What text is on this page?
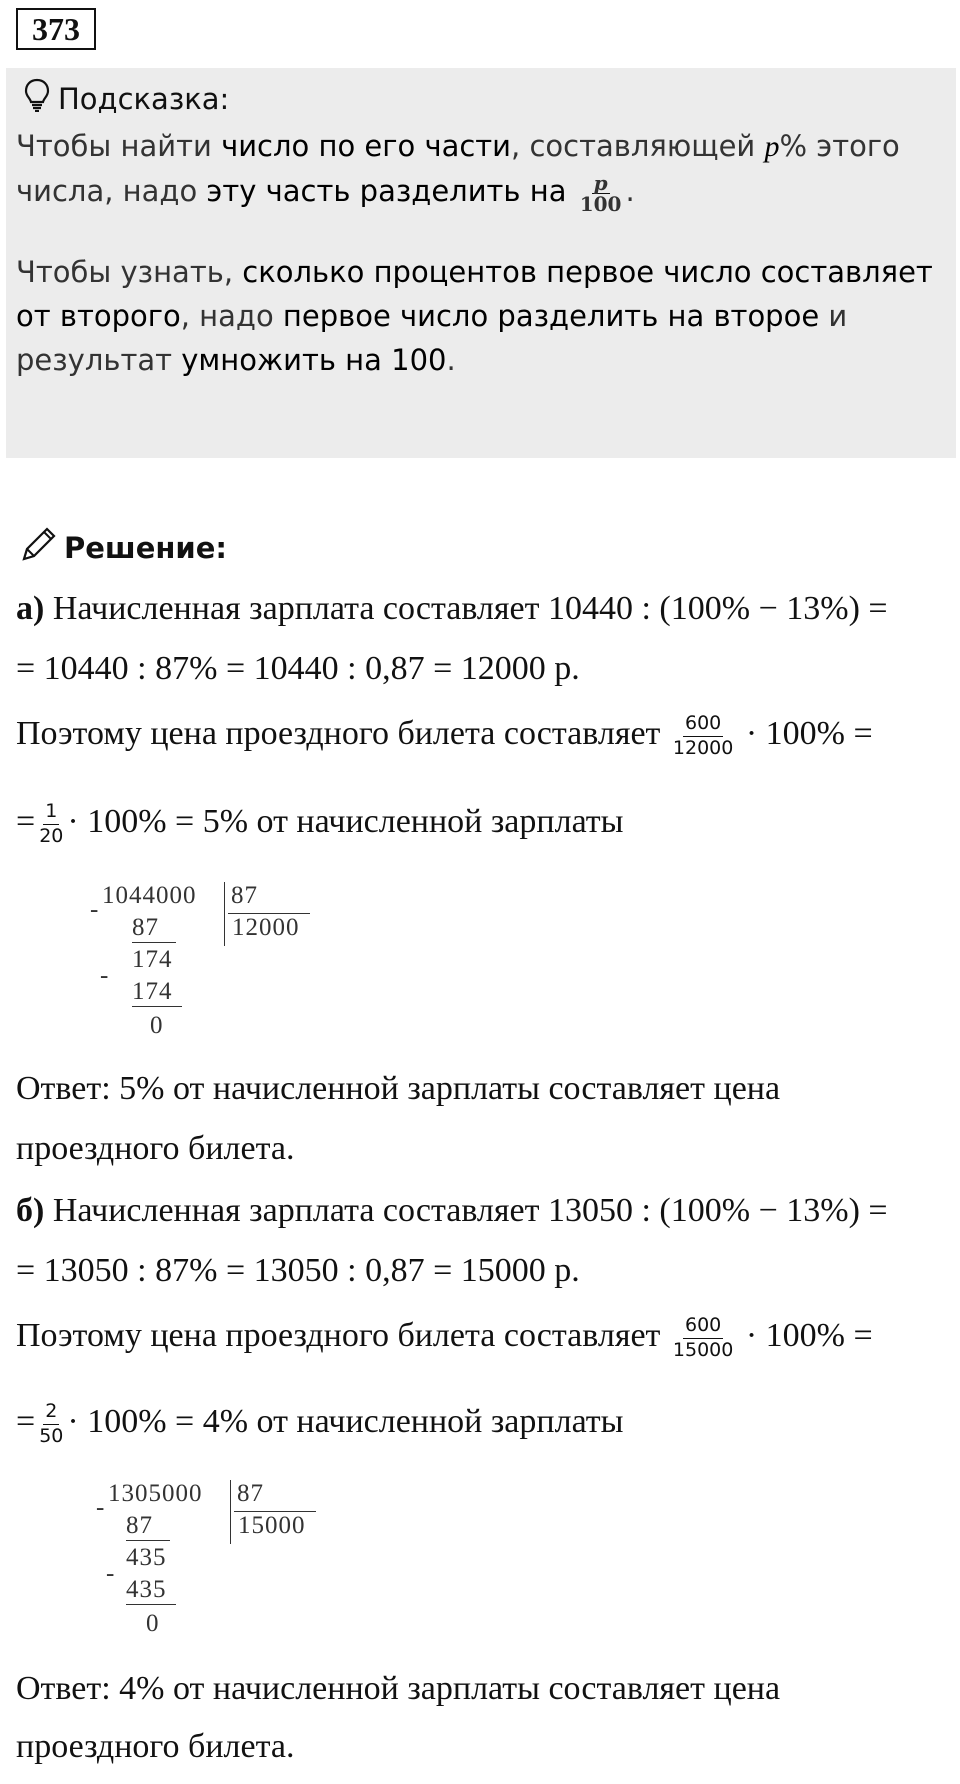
373
Подсказка:
Чтобы найти число по его части, составляющей p% этого числа, надо эту часть разделить на $\frac{p}{100}$ .
Чтобы узнать, сколько процентов первое число составляет от второго, надо первое число разделить на второе и результат умножить на 100.
Решение:
а) Начисленная зарплата составляет 10440 : (100% − 13%) =
= 10440 : 87% = 10440 : 0,87 = 12000 р.
Поэтому цена проездного билета составляет $\frac{600}{12000} \cdot 100\%$ =
= $\frac{1}{20} \cdot 100\% = 5\%$ от начисленной зарплаты
1044000
-
87
12000
87
174
-
174
0
Ответ: 5% от начисленной зарплаты составляет цена
проездного билета.
б) Начисленная зарплата составляет 13050 : (100% − 13%) =
= 13050 : 87% = 13050 : 0,87 = 15000 р.
Поэтому цена проездного билета составляет $\frac{600}{15000} \cdot 100\%$ =
= $\frac{2}{50} \cdot 100\% = 4\%$ от начисленной зарплаты
1305000
-
87
15000
87
435
-
435
0
Ответ: 4% от начисленной зарплаты составляет цена
проездного билета.
